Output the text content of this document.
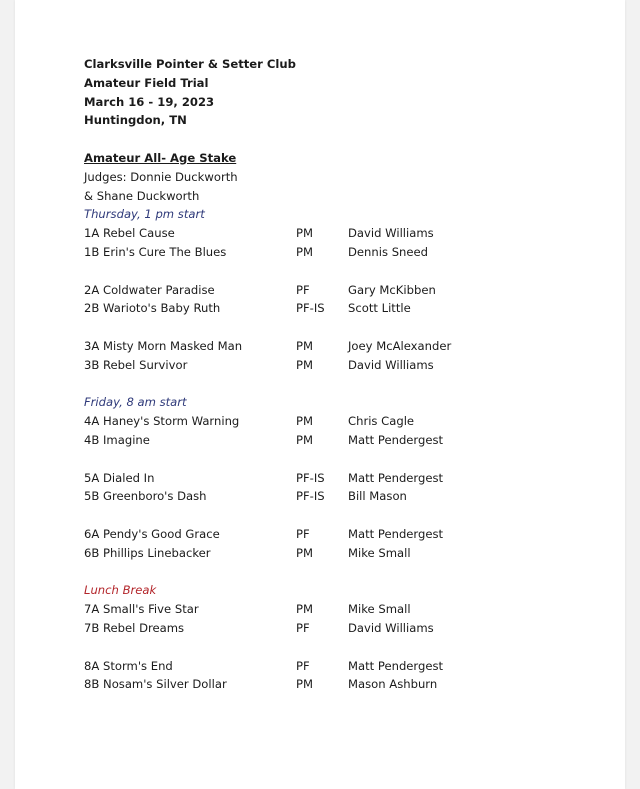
Clarksville Pointer & Setter Club
Amateur Field Trial
March 16 - 19, 2023
Huntingdon, TN
Amateur All- Age Stake
Judges: Donnie Duckworth
& Shane Duckworth
Thursday, 1 pm start
1A Rebel Cause	PM	David Williams
1B Erin's Cure The Blues	PM	Dennis Sneed
2A Coldwater Paradise	PF	Gary McKibben
2B Warioto's Baby Ruth	PF-IS Scott Little
3A Misty Morn Masked Man	PM	Joey McAlexander
3B Rebel Survivor	PM	David Williams
Friday, 8 am start
4A Haney's Storm Warning	PM	Chris Cagle
4B Imagine	PM	Matt Pendergest
5A Dialed In	PF-IS Matt Pendergest
5B Greenboro's Dash	PF-IS Bill Mason
6A Pendy's Good Grace	PF	Matt Pendergest
6B Phillips Linebacker	PM	Mike Small
Lunch Break
7A Small's Five Star	PM	Mike Small
7B Rebel Dreams	PF	David Williams
8A Storm's End	PF	Matt Pendergest
8B Nosam's Silver Dollar	PM	Mason Ashburn
